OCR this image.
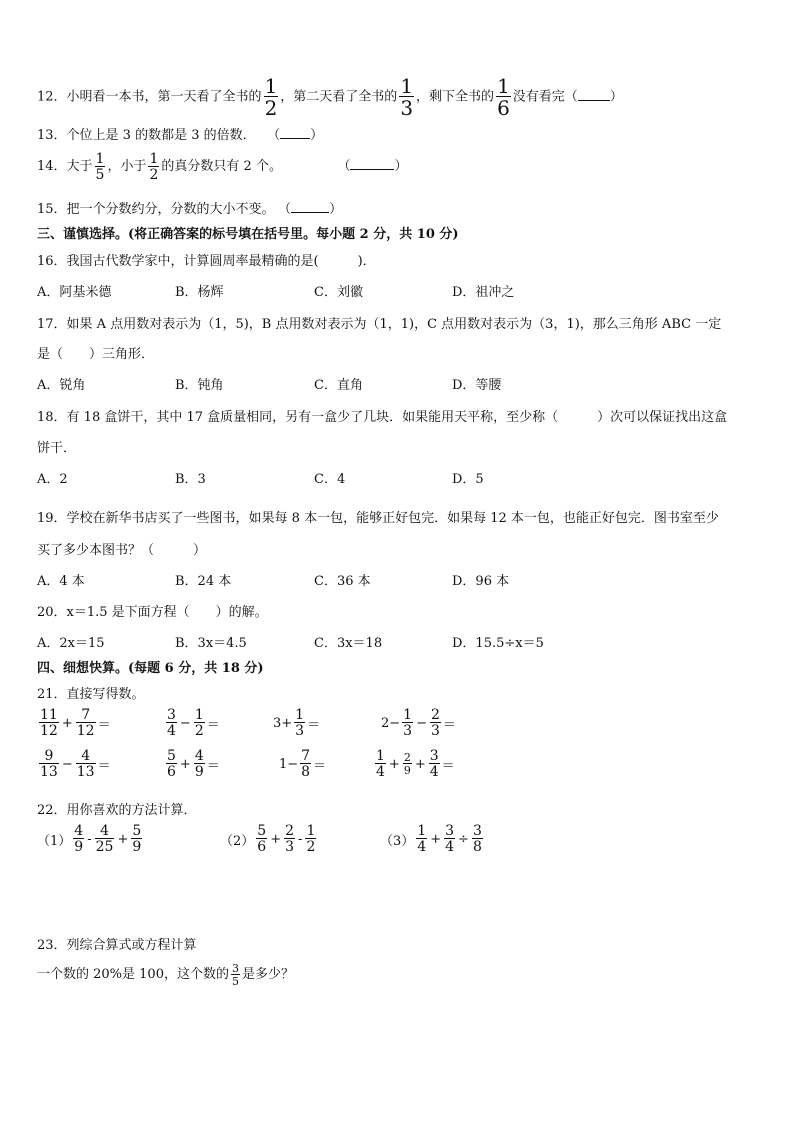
12．小明看一本书，第一天看了全书的 $\frac{1}{2}$ ，第二天看了全书的 $\frac{1}{3}$ ，剩下全书的 $\frac{1}{6}$ 没有看完（ ）
13．个位上是 3 的数都是 3 的倍数． （ ）
14．大于 $\frac{1}{5}$ ，小于 $\frac{1}{2}$ 的真分数只有 2 个。	（	）
15．把一个分数约分，分数的大小不变。 （	）
三、谨慎选择。(将正确答案的标号填在括号里。每小题 2 分，共 10 分)
16．我国古代数学家中，计算圆周率最精确的是(　　　)．
A．阿基米德	B．杨辉	C．刘徽	D．祖冲之
17．如果 A 点用数对表示为（1，5)，B 点用数对表示为（1，1)，C 点用数对表示为（3，1)，那么三角形 ABC 一定
是（　　）三角形．
A．锐角	B．钝角	C．直角	D．等腰
18．有 18 盒饼干，其中 17 盒质量相同，另有一盒少了几块．如果能用天平称，至少称（　　　）次可以保证找出这盒
饼干．
A．2	B．3	C．4	D．5
19．学校在新华书店买了一些图书，如果每 8 本一包，能够正好包完．如果每 12 本一包，也能正好包完．图书室至少
买了多少本图书？（　　　）
A．4 本	B．24 本	C．36 本	D．96 本
20．x＝1.5 是下面方程（　　）的解。
A．2x＝15	B．3x＝4.5	C．3x＝18	D．15.5÷x＝5
四、细想快算。(每题 6 分，共 18 分)
21．直接写得数。
$\frac{11}{12} + \frac{7}{12}$ ＝	$\frac{3}{4} - \frac{1}{2}$ ＝	$3+ \frac{1}{3}$ ＝	$2- \frac{1}{3} - \frac{2}{3}$ ＝
$\frac{9}{13} - \frac{4}{13}$ ＝	$\frac{5}{6} + \frac{4}{9}$ ＝	$1- \frac{7}{8}$ ＝	$\frac{1}{4} + \frac{2}{9} + \frac{3}{4}$ ＝
22．用你喜欢的方法计算．
$(1) \frac{4}{9} - \frac{4}{25} + \frac{5}{9}$	$(2) \frac{5}{6} + \frac{2}{3} - \frac{1}{2}$	$(3) \frac{1}{4} + \frac{3}{4} \div \frac{3}{8}$
23．列综合算式或方程计算
一个数的 20%是 100，这个数的 $\frac{3}{5}$ 是多少？
